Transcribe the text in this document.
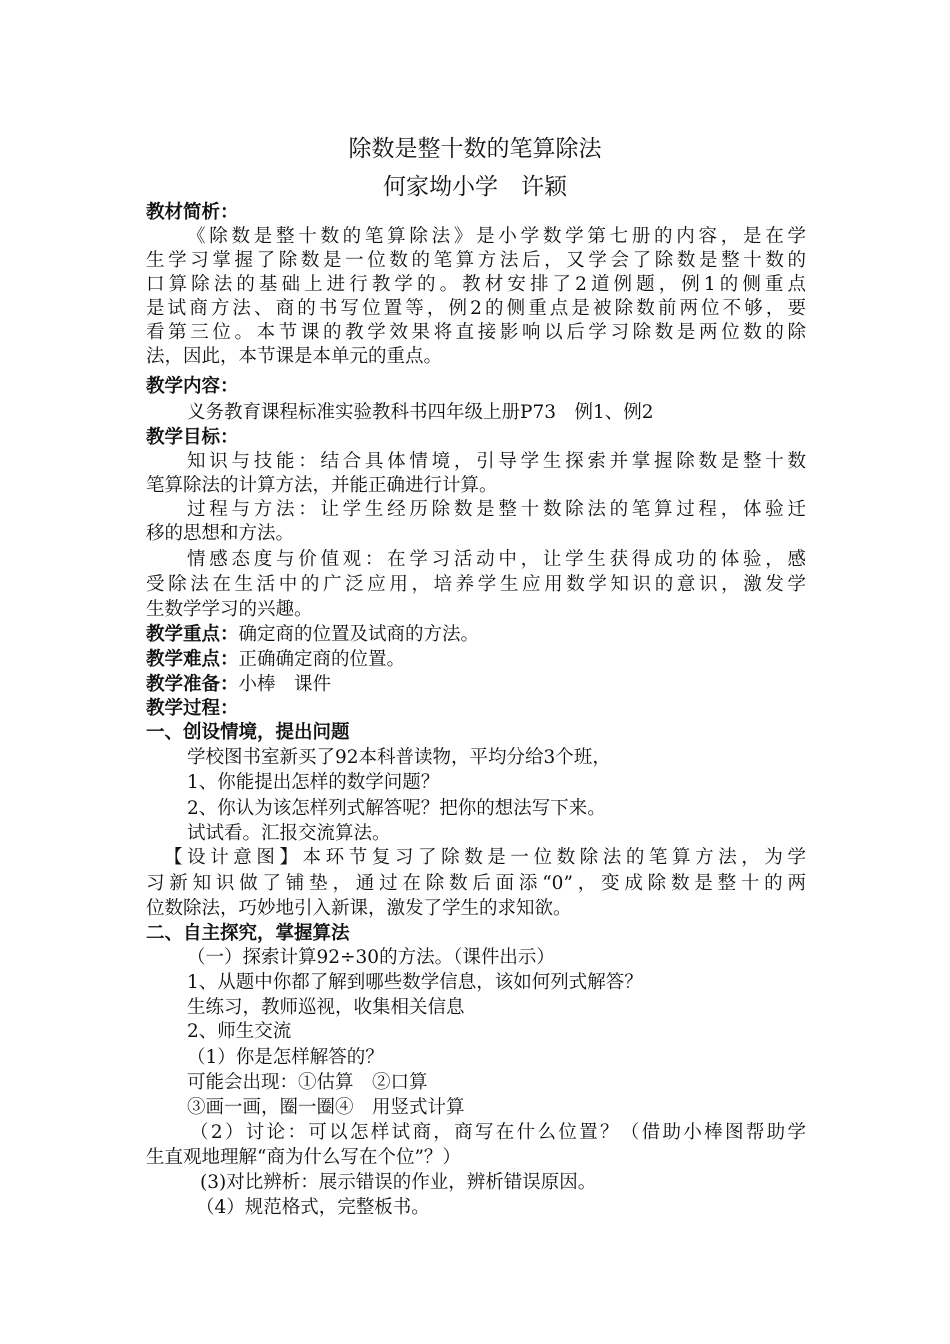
除数是整十数的笔算除法
何家坳小学　许颖
教材简析：
《除数是整十数的笔算除法》是小学数学第七册的内容，是在学
生学习掌握了除数是一位数的笔算方法后，又学会了除数是整十数的
口算除法的基础上进行教学的。教材安排了2道例题，例1的侧重点
是试商方法、商的书写位置等，例2的侧重点是被除数前两位不够，要
看第三位。本节课的教学效果将直接影响以后学习除数是两位数的除
法，因此，本节课是本单元的重点。
教学内容：
义务教育课程标准实验教科书四年级上册P73　例1、例2
教学目标：
知识与技能：结合具体情境，引导学生探索并掌握除数是整十数
笔算除法的计算方法，并能正确进行计算。
过程与方法：让学生经历除数是整十数除法的笔算过程，体验迁
移的思想和方法。
情感态度与价值观：在学习活动中，让学生获得成功的体验，感
受除法在生活中的广泛应用，培养学生应用数学知识的意识，激发学
生数学学习的兴趣。
教学重点：确定商的位置及试商的方法。
教学难点：正确确定商的位置。
教学准备：小棒　课件
教学过程：
一、创设情境，提出问题
学校图书室新买了92本科普读物，平均分给3个班，
1、你能提出怎样的数学问题？
2、你认为该怎样列式解答呢？把你的想法写下来。
试试看。汇报交流算法。
【设计意图】本环节复习了除数是一位数除法的笔算方法，为学
习新知识做了铺垫，通过在除数后面添“0”，变成除数是整十的两
位数除法，巧妙地引入新课，激发了学生的求知欲。
二、自主探究，掌握算法
（一）探索计算92÷30的方法。（课件出示）
1、从题中你都了解到哪些数学信息，该如何列式解答？
生练习，教师巡视，收集相关信息
2、师生交流
（1）你是怎样解答的？
可能会出现：①估算　②口算
③画一画，圈一圈④　用竖式计算
（2）讨论：可以怎样试商，商写在什么位置？（借助小棒图帮助学
生直观地理解“商为什么写在个位”？）
(3)对比辨析：展示错误的作业，辨析错误原因。
（4）规范格式，完整板书。
